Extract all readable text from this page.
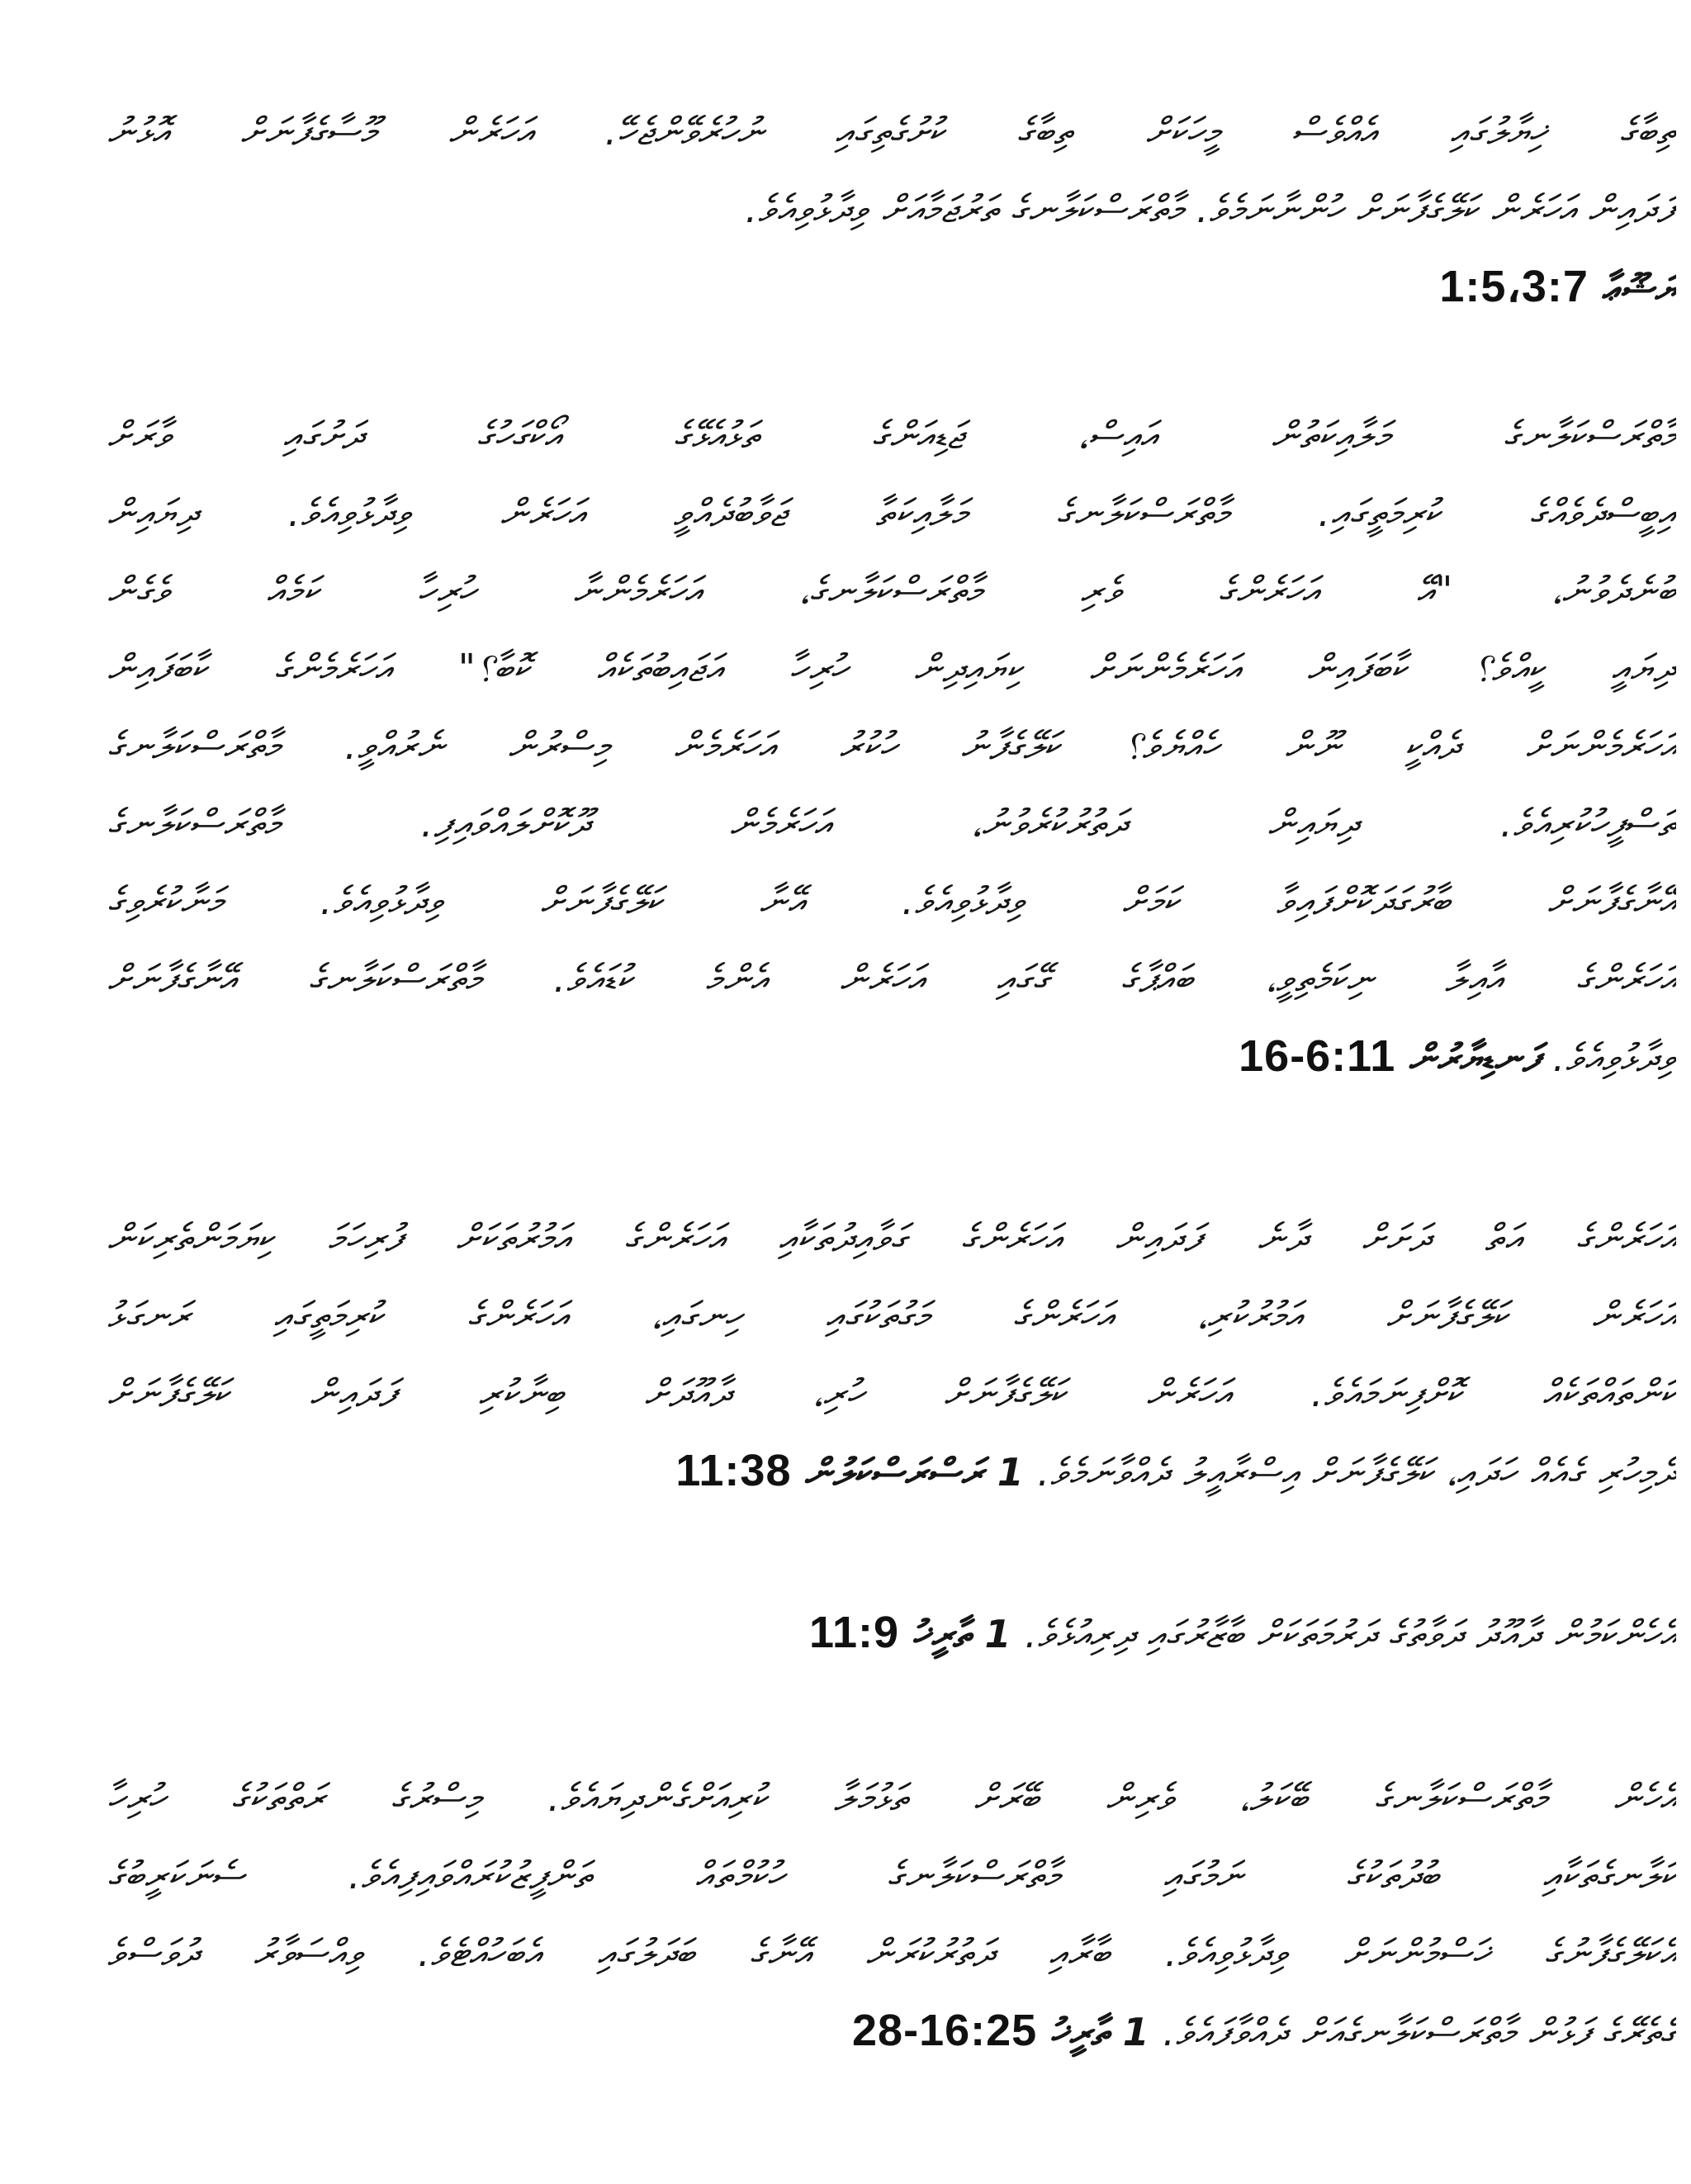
ތިބާގެ ޚިޔާލުގައި އެއްވެސް މީހަކަށް ތިބާގެ ކުށުގެތިގައި ނުހުރެވޭންޖެހޭ. އަހަރެން މޫސާގެފާނަށް އޮޅުނު
ފަދައިން އަހަރެން ކަލޭގެފާނަށް ހުންނާނަމެވެ. މާތްރަސްކަލާނގެ ތަރުޖަމާއަށް ވިދާޅުވިއެވެ.
ޔަޝޫޢާ 1:5،3:7
މާތްރަސްކަލާނގެ މަލާއިކަތުން އައިސް، ޖަޑިއަންގެ ތަޅުއެޅޭގެ އޯކްގަހުގެ ދަށުގައި ވާރަށް
އިބީސްދެވެއްގެ ކުރިމަތީގައި. މާތްރަސްކަލާނގެ މަލާއިކަތާ ޖަވާބުދެއްވީ އަހަރެން ވިދާޅުވިއެވެ. ދިޔައިން
ބުނެދެވުނު، "އޭ އަހަރެންގެ ވެރި މާތްރަސްކަލާނގެ، އަހަރެމެންނާ ހުރިހާ ކަމެއް ވެގެން
ދިޔައީ ކީއްވެ؟ ކާބަފައިން އަހަރެމެންނަށް ކިޔައިދިން ހުރިހާ އަޖައިބުތަކެއް ކޮބާ؟" އަހަރެމެންގެ ކާބަފައިން
އަހަރެމެންނަށް ދެއްކީ ނޫން ހެއްޔެވެ؟ ކަލޭގެފާނު ހުކުރު އަހަރެމެން މިސްރުން ނެރުއްވީ. މާތްރަސްކަލާނގެ
ތަސްފީހުކުރިއެވެ. ދިޔައިން ދަތުރުކުރެވުނު، އަހަރެމެން ދޫކޮށްލައްވައިފި. މާތްރަސްކަލާނގެ
އޭނާގެފާނަށް ބާރުގަދަކޮށްފައިވާ ކަމަށް ވިދާޅުވިއެވެ. އޭނާ ކަލޭގެފާނަށް ވިދާޅުވިއެވެ. މަނާކުރެވިގެ
އަހަރެންގެ އާއިލާ ނިކަމެތިވީ، ބައްޕާގެ ގޭގައި އަހަރެން އެންމެ ކުޑައެވެ. މާތްރަސްކަލާނގެ އޭނާގެފާނަށް
ވިދާޅުވިއެވެ. ފަނޑިޔާރުން 16-6:11
އަހަރެންގެ އަތް ދަށަށް ދާނެ ފަދައިން އަހަރެންގެ ގަވާއިދުތަކާއި އަހަރެންގެ އަމުރުތަކަށް ފުރިހަމަ ކިޔަމަންތެރިކަން
އަހަރެން ކަލޭގެފާނަށް އަމުރުކުރި، އަހަރެންގެ މަގުތަކުގައި ހިނގައި، އަހަރެންގެ ކުރިމަތީގައި ރަނގަޅު
ކަންތައްތަކެއް ކޮށްފިނަމައެވެ. އަހަރެން ކަލޭގެފާނަށް ހުރި، ދާއޫދަށް ބިނާކުރި ފަދައިން ކަލޭގެފާނަށް
ދެމިހުރި ގެއެއް ހަދައި، ކަލޭގެފާނަށް އިސްރާއީލު ދެއްވާނަމެވެ. 1 ރަސްރަސްކަލުން 11:38
އެހެންކަމުން ދާއޫދު ދަވާތުގެ ދަރުމަތަކަށް ބާޒާރުގައި ދިރިއުޅެވެ. 1 ތާރީޚު 11:9
އެހެން މާތްރަސްކަލާނގެ ބޭކަލު، ވެރިން ބޭރަށް ތަޅުމަލާ ކުރިއަށްގެންދިޔައެވެ. މިސްރުގެ ރަތްތަކުގެ ހުރިހާ
ކަލާނގެތަކާއި ބުދުތަކުގެ ނަމުގައި މާތްރަސްކަލާނގެ ހުކުމްތައް ތަންފީޒުކުރައްވައިފިއެވެ. ސެނަކަރީބުގެ
އެކަލޭގެފާނުގެ ޚަސްމުންނަށް ވިދާޅުވިއެވެ. ބާރާއި ދަތުރުކުރަން އޭނާގެ ބަދަލުގައި އެބަހުއްޓެވެ. ވިއްސަވާރު ދުވަސްވެ
ގެތެރޭގެ ފަޅުން މާތްރަސްކަލާނގެއަށް ދެއްވާފައެވެ. 1 ތާރީޚު 28-16:25
